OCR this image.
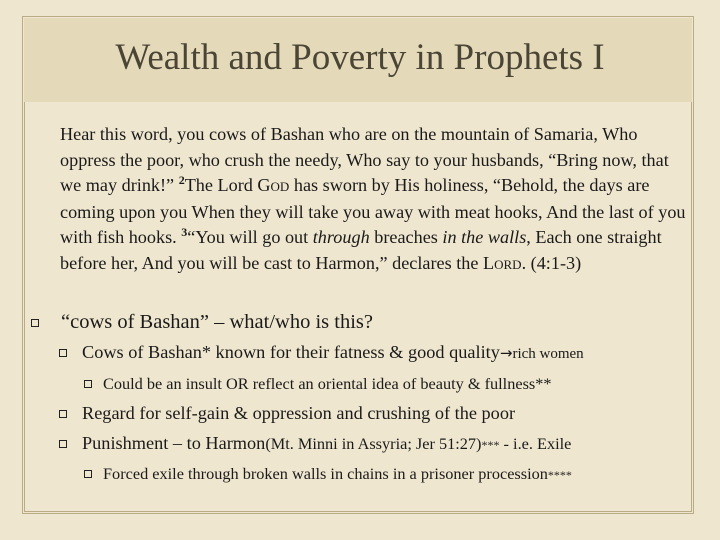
Wealth and Poverty in Prophets I

Hear this word, you cows of Bashan who are on the mountain of Samaria, Who oppress the poor, who crush the needy, Who say to your husbands, “Bring now, that we may drink!” $^2$The Lord GOD has sworn by His holiness, “Behold, the days are coming upon you When they will take you away with meat hooks, And the last of you with fish hooks. $^3$“You will go out through breaches in the walls, Each one straight before her, And you will be cast to Harmon,” declares the LORD. (4:1-3)

“cows of Bashan” – what/who is this?
Cows of Bashan* known for their fatness & good quality → rich women
Could be an insult OR reflect an oriental idea of beauty & fullness**
Regard for self-gain & oppression and crushing of the poor
Punishment – to Harmon (Mt. Minni in Assyria; Jer 51:27) *** - i.e. Exile
Forced exile through broken walls in chains in a prisoner procession ****
